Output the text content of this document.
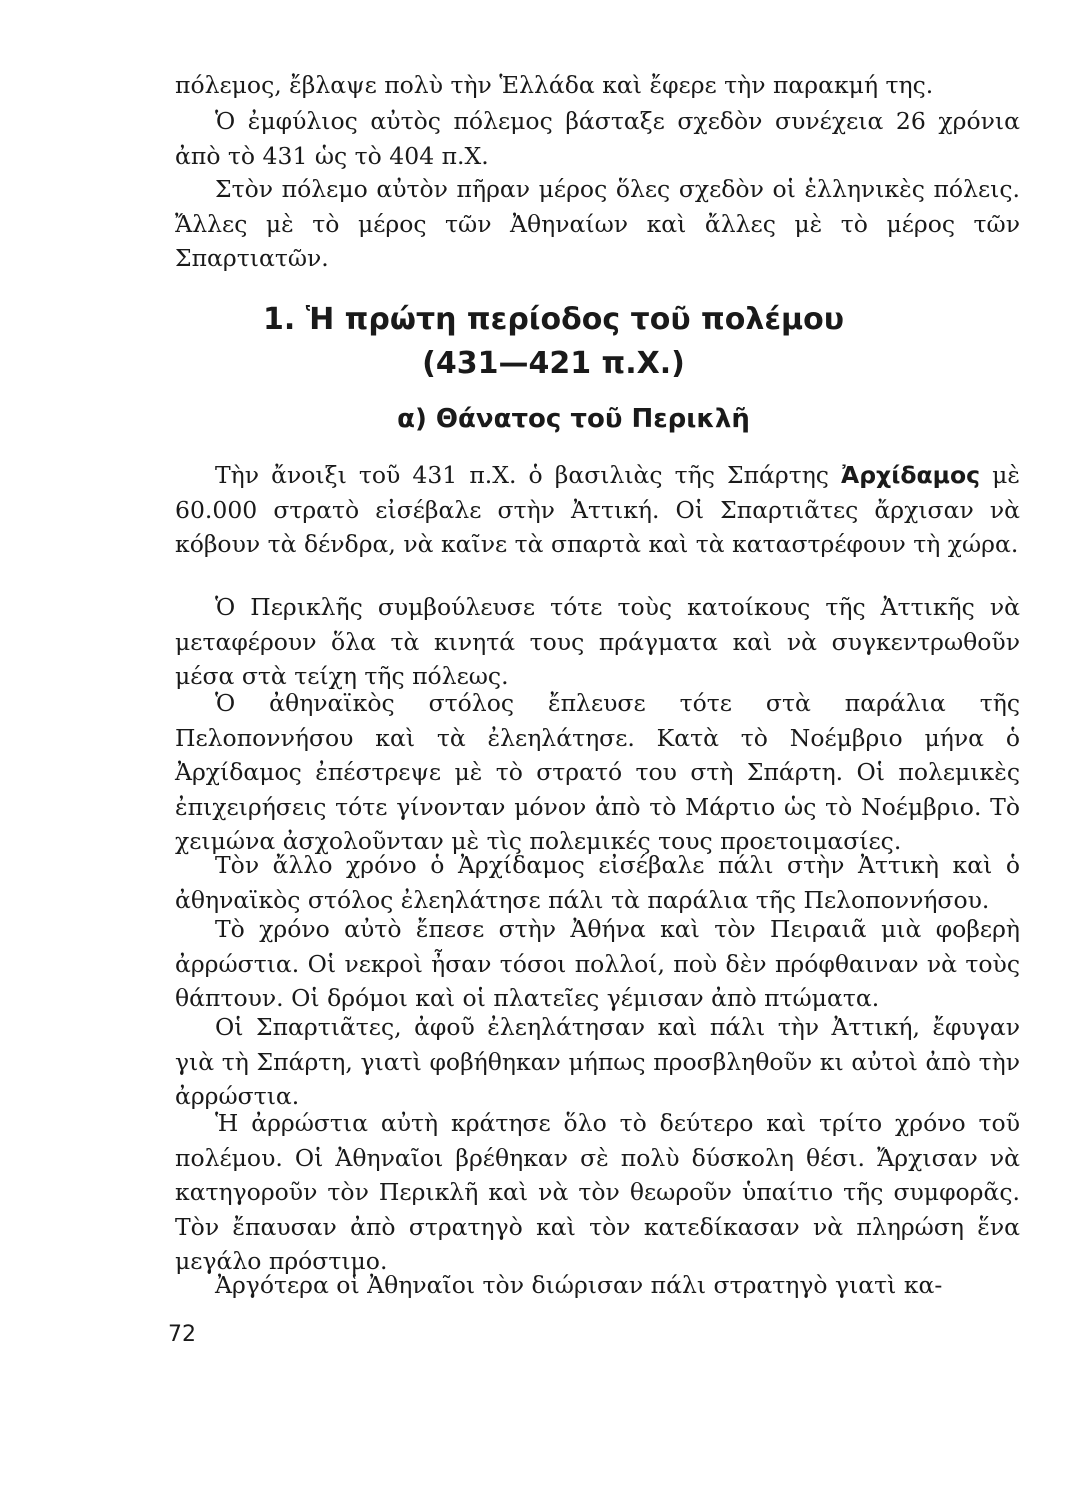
πόλεμος, ἔβλαψε πολὺ τὴν Ἑλλάδα καὶ ἔφερε τὴν παρακμή της.

Ὁ ἐμφύλιος αὐτὸς πόλεμος βάσταξε σχεδὸν συνέχεια 26 χρόνια ἀπὸ τὸ 431 ὡς τὸ 404 π.Χ.

Στὸν πόλεμο αὐτὸν πῆραν μέρος ὅλες σχεδὸν οἱ ἑλληνικὲς πόλεις. Ἄλλες μὲ τὸ μέρος τῶν Ἀθηναίων καὶ ἄλλες μὲ τὸ μέρος τῶν Σπαρτιατῶν.

1. Ἡ πρώτη περίοδος τοῦ πολέμου
(431—421 π.Χ.)
α) Θάνατος τοῦ Περικλῆ

Τὴν ἄνοιξι τοῦ 431 π.Χ. ὁ βασιλιὰς τῆς Σπάρτης Ἀρχίδαμος μὲ 60.000 στρατὸ εἰσέβαλε στὴν Ἀττική. Οἱ Σπαρτιᾶτες ἄρχισαν νὰ κόβουν τὰ δένδρα, νὰ καῖνε τὰ σπαρτὰ καὶ τὰ καταστρέφουν τὴ χώρα.

Ὁ Περικλῆς συμβούλευσε τότε τοὺς κατοίκους τῆς Ἀττικῆς νὰ μεταφέρουν ὅλα τὰ κινητά τους πράγματα καὶ νὰ συγκεντρωθοῦν μέσα στὰ τείχη τῆς πόλεως.

Ὁ ἀθηναϊκὸς στόλος ἔπλευσε τότε στὰ παράλια τῆς Πελοποννήσου καὶ τὰ ἐλεηλάτησε. Κατὰ τὸ Νοέμβριο μήνα ὁ Ἀρχίδαμος ἐπέστρεψε μὲ τὸ στρατό του στὴ Σπάρτη. Οἱ πολεμικὲς ἐπιχειρήσεις τότε γίνονταν μόνον ἀπὸ τὸ Μάρτιο ὡς τὸ Νοέμβριο. Τὸ χειμώνα ἀσχολοῦνταν μὲ τὶς πολεμικές τους προετοιμασίες.

Τὸν ἄλλο χρόνο ὁ Ἀρχίδαμος εἰσέβαλε πάλι στὴν Ἀττικὴ καὶ ὁ ἀθηναϊκὸς στόλος ἐλεηλάτησε πάλι τὰ παράλια τῆς Πελοποννήσου.

Τὸ χρόνο αὐτὸ ἔπεσε στὴν Ἀθήνα καὶ τὸν Πειραιᾶ μιὰ φοβερὴ ἀρρώστια. Οἱ νεκροὶ ἦσαν τόσοι πολλοί, ποὺ δὲν πρόφθαιναν νὰ τοὺς θάπτουν. Οἱ δρόμοι καὶ οἱ πλατεῖες γέμισαν ἀπὸ πτώματα.

Οἱ Σπαρτιᾶτες, ἀφοῦ ἐλεηλάτησαν καὶ πάλι τὴν Ἀττική, ἔφυγαν γιὰ τὴ Σπάρτη, γιατὶ φοβήθηκαν μήπως προσβληθοῦν κι αὐτοὶ ἀπὸ τὴν ἀρρώστια.

Ἡ ἀρρώστια αὐτὴ κράτησε ὅλο τὸ δεύτερο καὶ τρίτο χρόνο τοῦ πολέμου. Οἱ Ἀθηναῖοι βρέθηκαν σὲ πολὺ δύσκολη θέσι. Ἄρχισαν νὰ κατηγοροῦν τὸν Περικλῆ καὶ νὰ τὸν θεωροῦν ὑπαίτιο τῆς συμφορᾶς. Τὸν ἔπαυσαν ἀπὸ στρατηγὸ καὶ τὸν κατεδίκασαν νὰ πληρώση ἕνα μεγάλο πρόστιμο.

Ἀργότερα οἱ Ἀθηναῖοι τὸν διώρισαν πάλι στρατηγὸ γιατὶ κα-

72
